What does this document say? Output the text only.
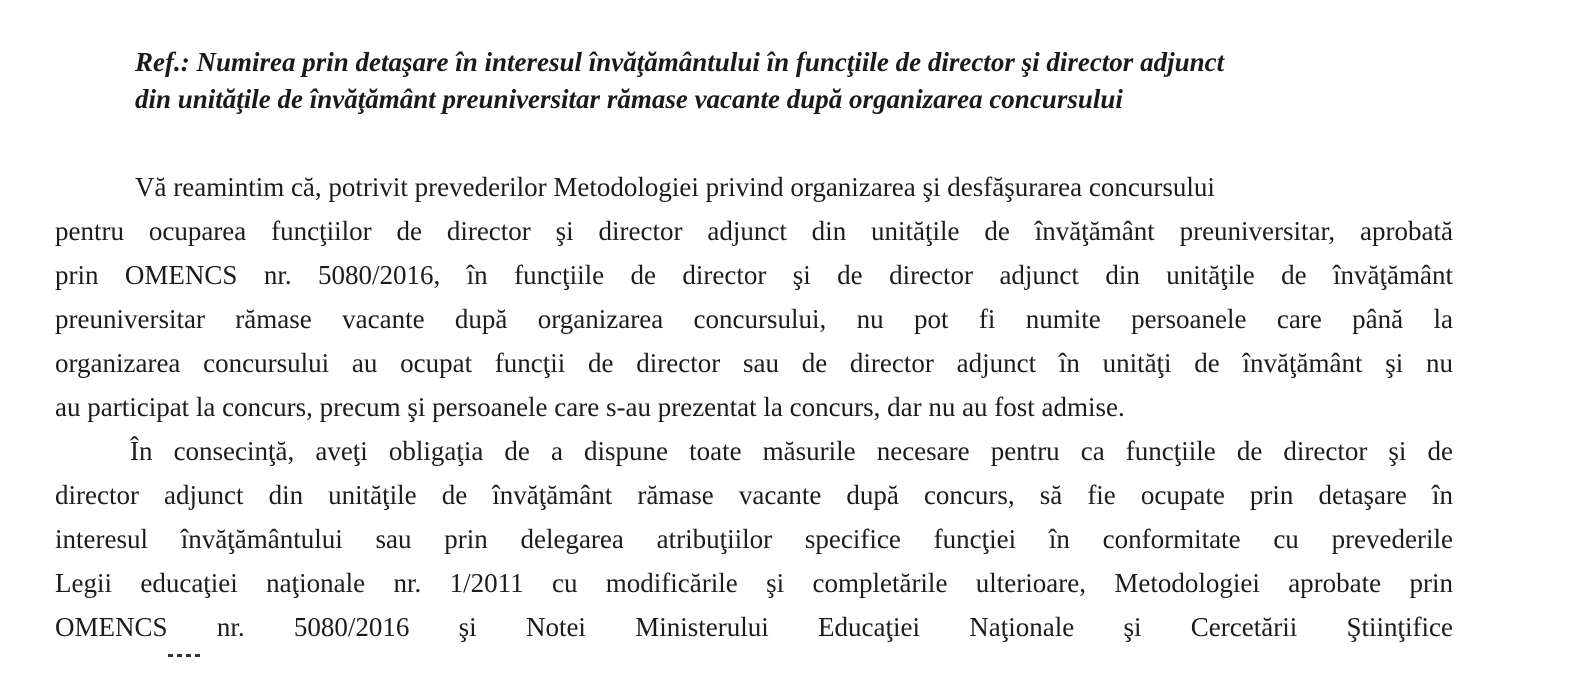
Ref.: Numirea prin detaşare în interesul învăţământului în funcţiile de director şi director adjunct
din unităţile de învăţământ preuniversitar rămase vacante după organizarea concursului
Vă reamintim că, potrivit prevederilor Metodologiei privind organizarea şi desfăşurarea concursului
pentru ocuparea funcţiilor de director şi director adjunct din unităţile de învăţământ preuniversitar, aprobată
prin OMENCS nr. 5080/2016, în funcţiile de director şi de director adjunct din unităţile de învăţământ
preuniversitar rămase vacante după organizarea concursului, nu pot fi numite persoanele care până la
organizarea concursului au ocupat funcţii de director sau de director adjunct în unităţi de învăţământ şi nu
au participat la concurs, precum şi persoanele care s-au prezentat la concurs, dar nu au fost admise.
În consecinţă, aveţi obligaţia de a dispune toate măsurile necesare pentru ca funcţiile de director şi de
director adjunct din unităţile de învăţământ rămase vacante după concurs, să fie ocupate prin detaşare în
interesul învăţământului sau prin delegarea atribuţiilor specifice funcţiei în conformitate cu prevederile
Legii educaţiei naţionale nr. 1/2011 cu modificările şi completările ulterioare, Metodologiei aprobate prin
OMENCS nr. 5080/2016 şi Notei Ministerului Educaţiei Naţionale şi Cercetării Ştiinţifice
